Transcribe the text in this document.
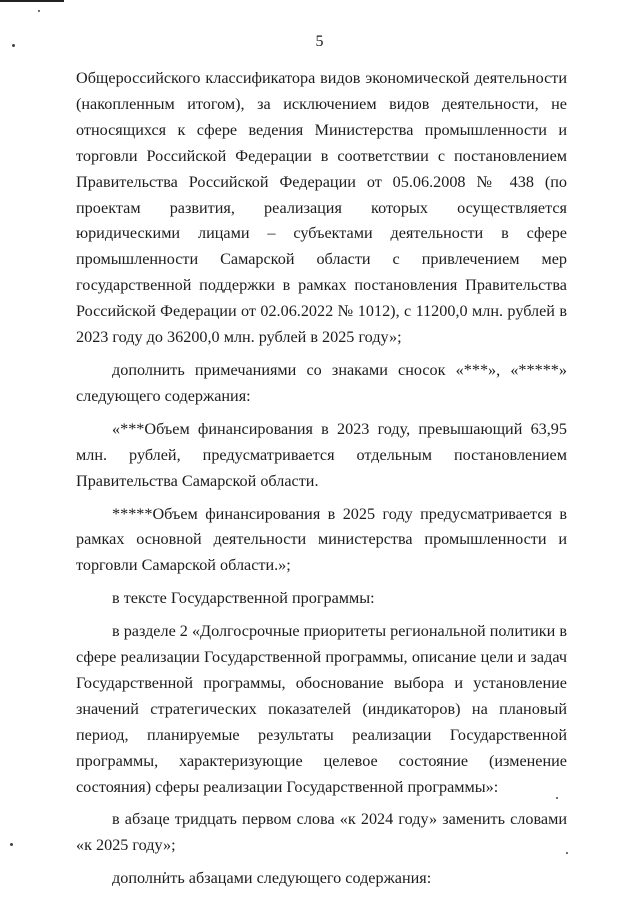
5

Общероссийского классификатора видов экономической деятельности (накопленным итогом), за исключением видов деятельности, не относящихся к сфере ведения Министерства промышленности и торговли Российской Федерации в соответствии с постановлением Правительства Российской Федерации от 05.06.2008 № 438 (по проектам развития, реализация которых осуществляется юридическими лицами – субъектами деятельности в сфере промышленности Самарской области с привлечением мер государственной поддержки в рамках постановления Правительства Российской Федерации от 02.06.2022 № 1012), с 11200,0 млн. рублей в 2023 году до 36200,0 млн. рублей в 2025 году»;

дополнить примечаниями со знаками сносок «***», «*****» следующего содержания:

«***Объем финансирования в 2023 году, превышающий 63,95 млн. рублей, предусматривается отдельным постановлением Правительства Самарской области.

*****Объем финансирования в 2025 году предусматривается в рамках основной деятельности министерства промышленности и торговли Самарской области.»;

в тексте Государственной программы:

в разделе 2 «Долгосрочные приоритеты региональной политики в сфере реализации Государственной программы, описание цели и задач Государственной программы, обоснование выбора и установление значений стратегических показателей (индикаторов) на плановый период, планируемые результаты реализации Государственной программы, характеризующие целевое состояние (изменение состояния) сферы реализации Государственной программы»:

в абзаце тридцать первом слова «к 2024 году» заменить словами «к 2025 году»;

дополнить абзацами следующего содержания:
